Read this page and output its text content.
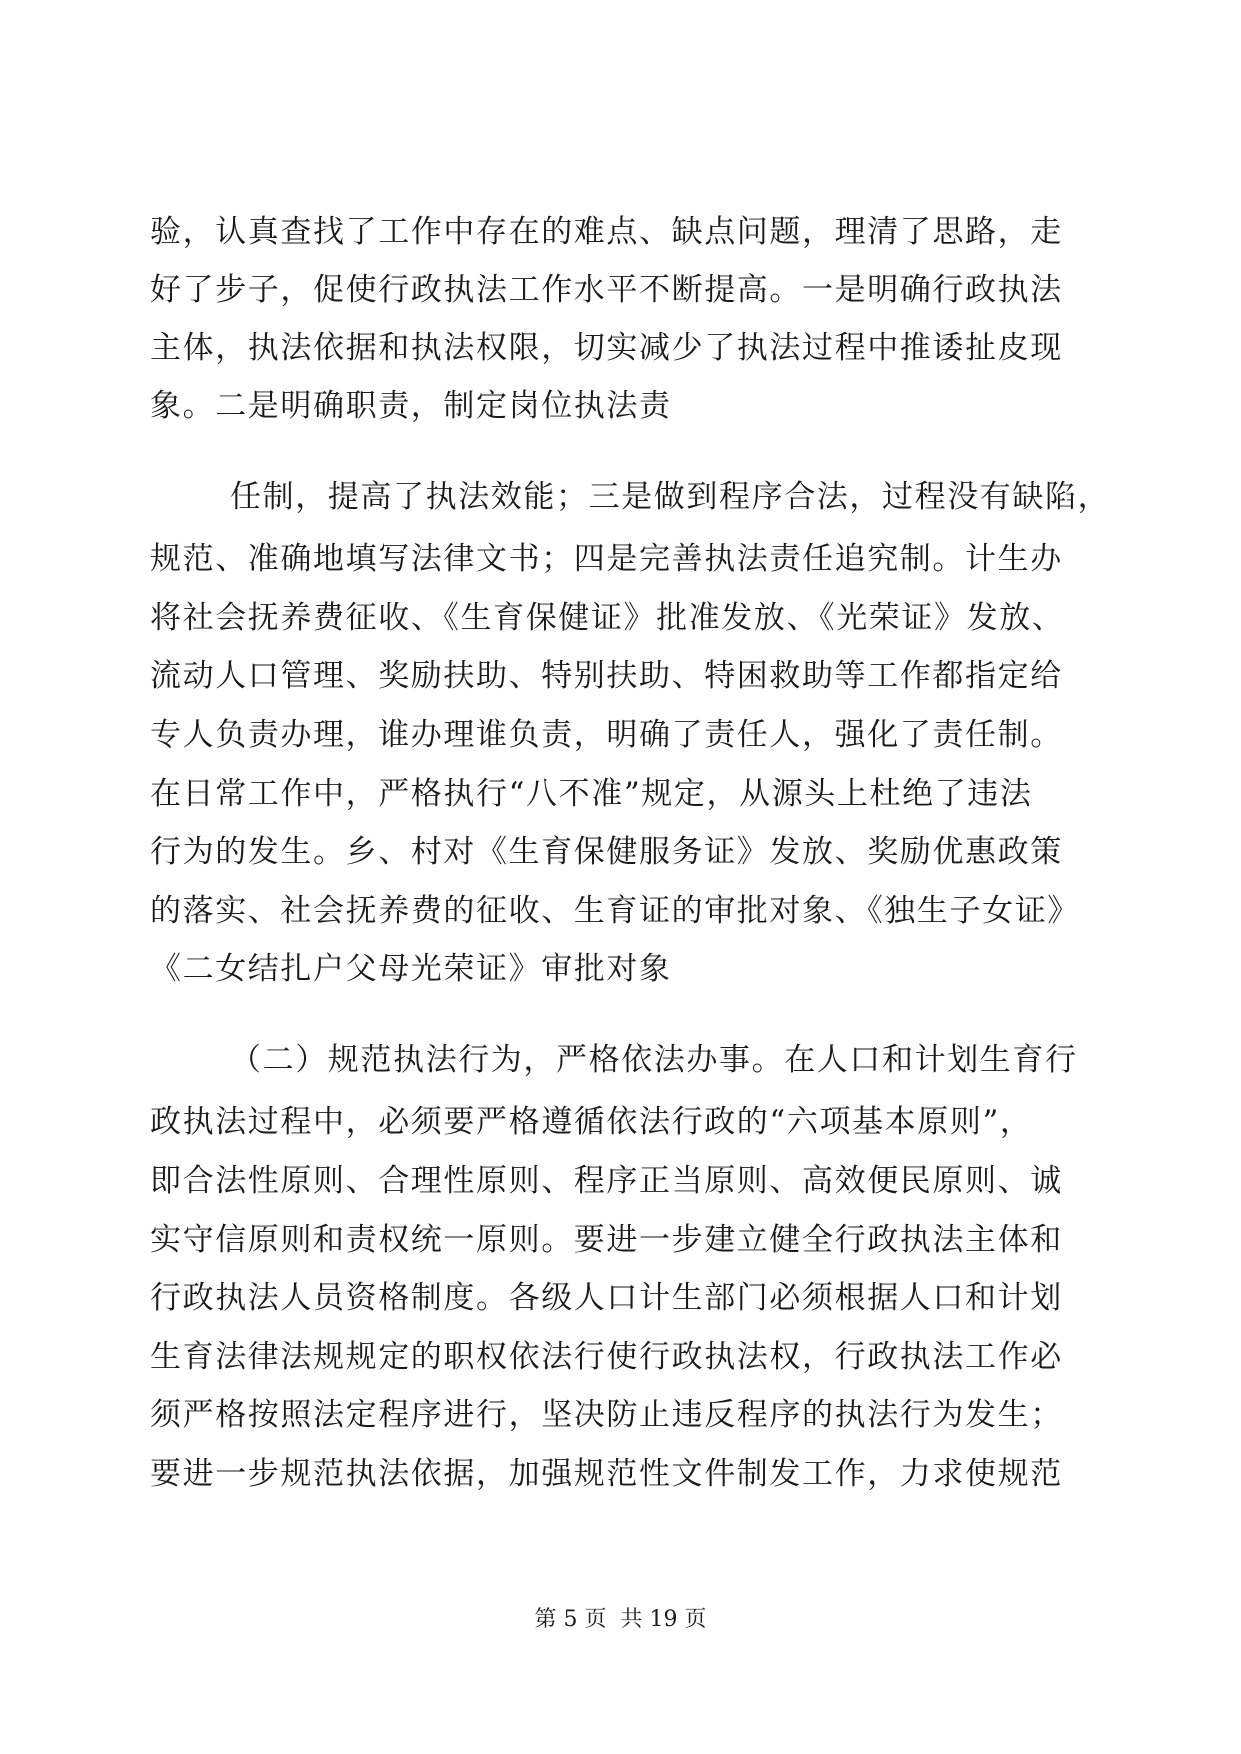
验，认真查找了工作中存在的难点、缺点问题，理清了思路，走
好了步子，促使行政执法工作水平不断提高。一是明确行政执法
主体，执法依据和执法权限，切实减少了执法过程中推诿扯皮现
象。二是明确职责，制定岗位执法责
任制，提高了执法效能；三是做到程序合法，过程没有缺陷，
规范、准确地填写法律文书；四是完善执法责任追究制。计生办
将社会抚养费征收、《生育保健证》批准发放、《光荣证》发放、
流动人口管理、奖励扶助、特别扶助、特困救助等工作都指定给
专人负责办理，谁办理谁负责，明确了责任人，强化了责任制。
在日常工作中，严格执行“八不准”规定，从源头上杜绝了违法
行为的发生。乡、村对《生育保健服务证》发放、奖励优惠政策
的落实、社会抚养费的征收、生育证的审批对象、《独生子女证》
《二女结扎户父母光荣证》审批对象
（二）规范执法行为，严格依法办事。在人口和计划生育行
政执法过程中，必须要严格遵循依法行政的“六项基本原则”，
即合法性原则、合理性原则、程序正当原则、高效便民原则、诚
实守信原则和责权统一原则。要进一步建立健全行政执法主体和
行政执法人员资格制度。各级人口计生部门必须根据人口和计划
生育法律法规规定的职权依法行使行政执法权，行政执法工作必
须严格按照法定程序进行，坚决防止违反程序的执法行为发生；
要进一步规范执法依据，加强规范性文件制发工作，力求使规范
第 5 页  共 19 页
